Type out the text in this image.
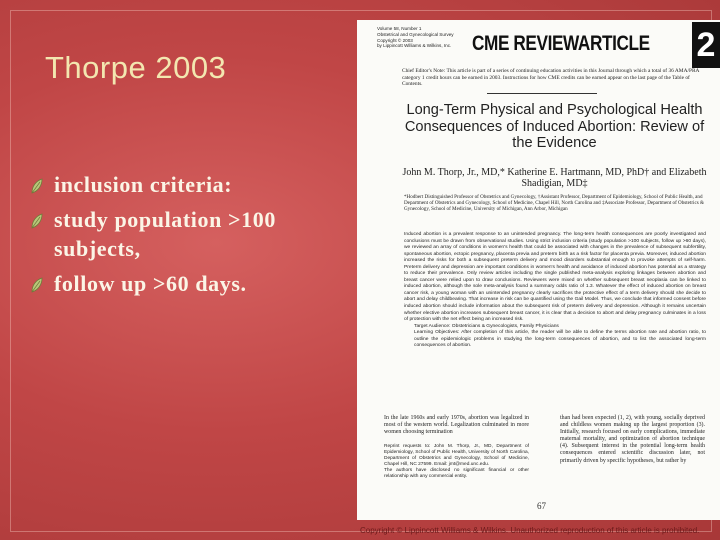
Thorpe 2003
inclusion criteria:
study population >100 subjects,
follow up >60 days.
Volume 58, Number 1
Obstetrical and Gynecological Survey
Copyright © 2003
by Lippincott Williams & Wilkins, Inc. CME REVIEWARTICLE 2
Chief Editor's Note: This article is part of a series of continuing education activities in this Journal through which a total of 36 AMA/PRA category 1 credit hours can be earned in 2003. Instructions for how CME credits can be earned appear on the last page of the Table of Contents.
Long-Term Physical and Psychological Health Consequences of Induced Abortion: Review of the Evidence
John M. Thorp, Jr., MD,* Katherine E. Hartmann, MD, PhD† and Elizabeth Shadigian, MD‡
*Hodbert Distinguished Professor of Obstetrics and Gynecology, †Assistant Professor, Department of Epidemiology, School of Public Health, and Department of Obstetrics and Gynecology, School of Medicine, Chapel Hill, North Carolina and ‡Associate Professor, Department of Obstetrics & Gynecology, School of Medicine, University of Michigan, Ann Arbor, Michigan

Induced abortion is a prevalent response to an unintended pregnancy. The long-term health consequences are poorly investigated and conclusions must be drawn from observational studies. Using strict inclusion criteria (study population >100 subjects, follow up >60 days), we reviewed an array of conditions in women's health that could be associated with changes in the prevalence of subsequent subfertility, spontaneous abortion, ectopic pregnancy, placenta previa and preterm birth as a risk factor for placenta previa. Moreover, induced abortion increased the risks for both a subsequent preterm delivery and mood disorders substantial enough to provoke attempts of self-harm. Preterm delivery and depression are important conditions in women's health and avoidance of induced abortion has potential as a strategy to reduce their prevalence. Only review articles including the single published meta-analysis exploring linkages between abortion and breast cancer were relied upon to draw conclusions. Reviewers were mixed on whether subsequent breast neoplasia can be linked to induced abortion, although the sole meta-analysis found a summary odds ratio of 1.3. Whatever the effect of induced abortion on breast cancer risk, a young woman with an unintended pregnancy clearly sacrifices the protective effect of a term delivery should she decide to abort and delay childbearing. That increase in risk can be quantified using the Gail Model. Thus, we conclude that informed consent before induced abortion should include information about the subsequent risk of preterm delivery and depression. Although it remains uncertain whether elective abortion increases subsequent breast cancer, it is clear that a decision to abort and delay pregnancy culminates in a loss of protection with the net effect being an increased risk.

Target Audience: Obstetricians & Gynecologists, Family Physicians

Learning Objectives: After completion of this article, the reader will be able to define the terms abortion rate and abortion ratio, to outline the epidemiologic problems in studying the long-term consequences of abortion, and to list the associated long-term consequences of abortion.

In the late 1960s and early 1970s, abortion was legalized in most of the western world. Legalization culminated in more women choosing termination

Reprint requests to: John M. Thorp, Jr., MD, Department of Epidemiology, School of Public Health, University of North Carolina, Department of Obstetrics and Gynecology, School of Medicine, Chapel Hill, NC 27599. Email: jmt@med.unc.edu.
The authors have disclosed no significant financial or other relationship with any commercial entity.

than had been expected (1, 2), with young, socially deprived and childless women making up the largest proportion (3). Initially, research focused on early complications, immediate maternal mortality, and optimization of abortion technique (4). Subsequent interest in the potential long-term health consequences entered scientific discussion later, not primarily driven by specific hypotheses, but rather by

67
Copyright © Lippincott Williams & Wilkins. Unauthorized reproduction of this article is prohibited.
